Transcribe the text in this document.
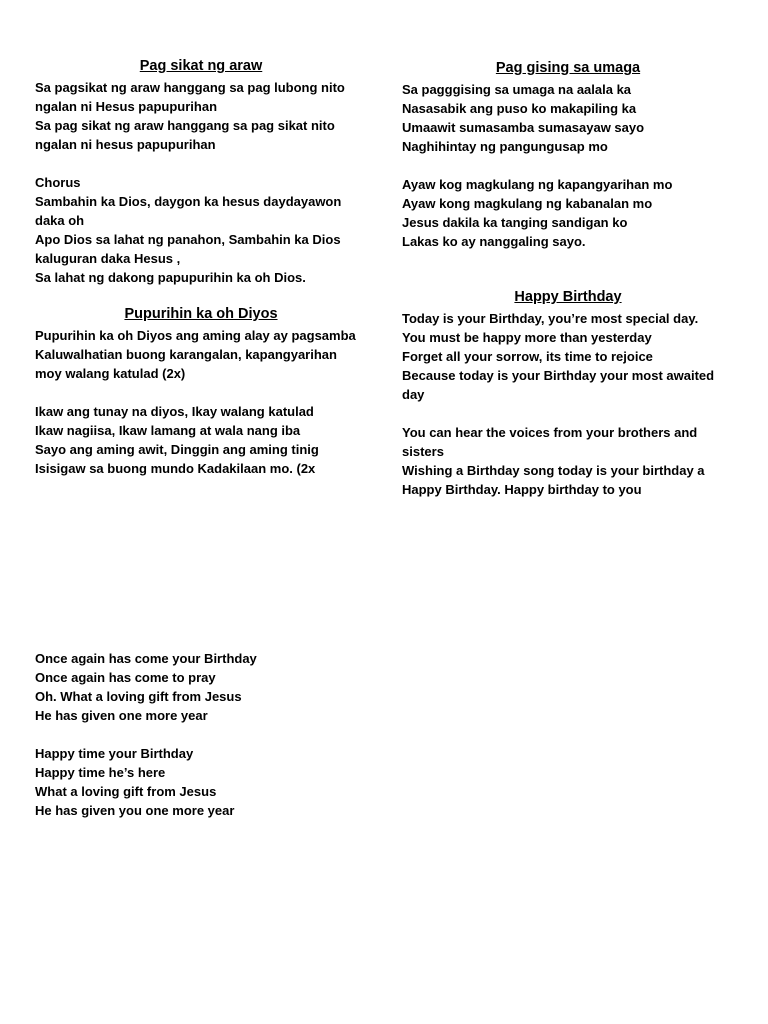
Pag sikat ng araw
Sa pagsikat ng araw hanggang sa pag lubong nito
ngalan ni Hesus papupurihan
Sa pag sikat ng araw hanggang sa pag sikat nito
ngalan ni hesus papupurihan
Chorus
Sambahin ka Dios, daygon ka hesus daydayawon daka oh
Apo Dios sa lahat ng panahon, Sambahin ka Dios kaluguran daka Hesus ,
Sa lahat ng dakong papupurihin ka oh Dios.
Pupurihin ka oh Diyos
Pupurihin ka oh Diyos ang aming alay ay pagsamba
Kaluwalhatian buong karangalan, kapangyarihan moy walang katulad (2x)
Ikaw ang tunay na diyos, Ikay walang katulad
Ikaw nagiisa, Ikaw lamang at wala nang iba
Sayo ang aming awit, Dinggin ang aming tinig
Isisigaw sa buong mundo Kadakilaan mo. (2x
Pag gising sa umaga
Sa pagggising sa umaga na aalala ka
Nasasabik ang puso ko makapiling ka
Umaawit sumasamba sumasayaw sayo
Naghihintay ng pangungusap mo
Ayaw kog magkulang ng kapangyarihan mo
Ayaw kong magkulang ng kabanalan mo
Jesus dakila ka tanging sandigan ko
Lakas ko ay nanggaling sayo.
Happy Birthday
Today is your Birthday, you’re most special day.
You must be happy more than yesterday
Forget all your sorrow, its time to rejoice
Because today is your Birthday your most awaited day
You can hear the voices from your brothers and sisters
Wishing a Birthday song today is your birthday a Happy Birthday. Happy birthday to you
Once again has come your Birthday
Once again has come to pray
Oh. What a loving gift from Jesus
He has given one more year
Happy time your Birthday
Happy time he’s here
What a loving gift from Jesus
He has given you one more year
